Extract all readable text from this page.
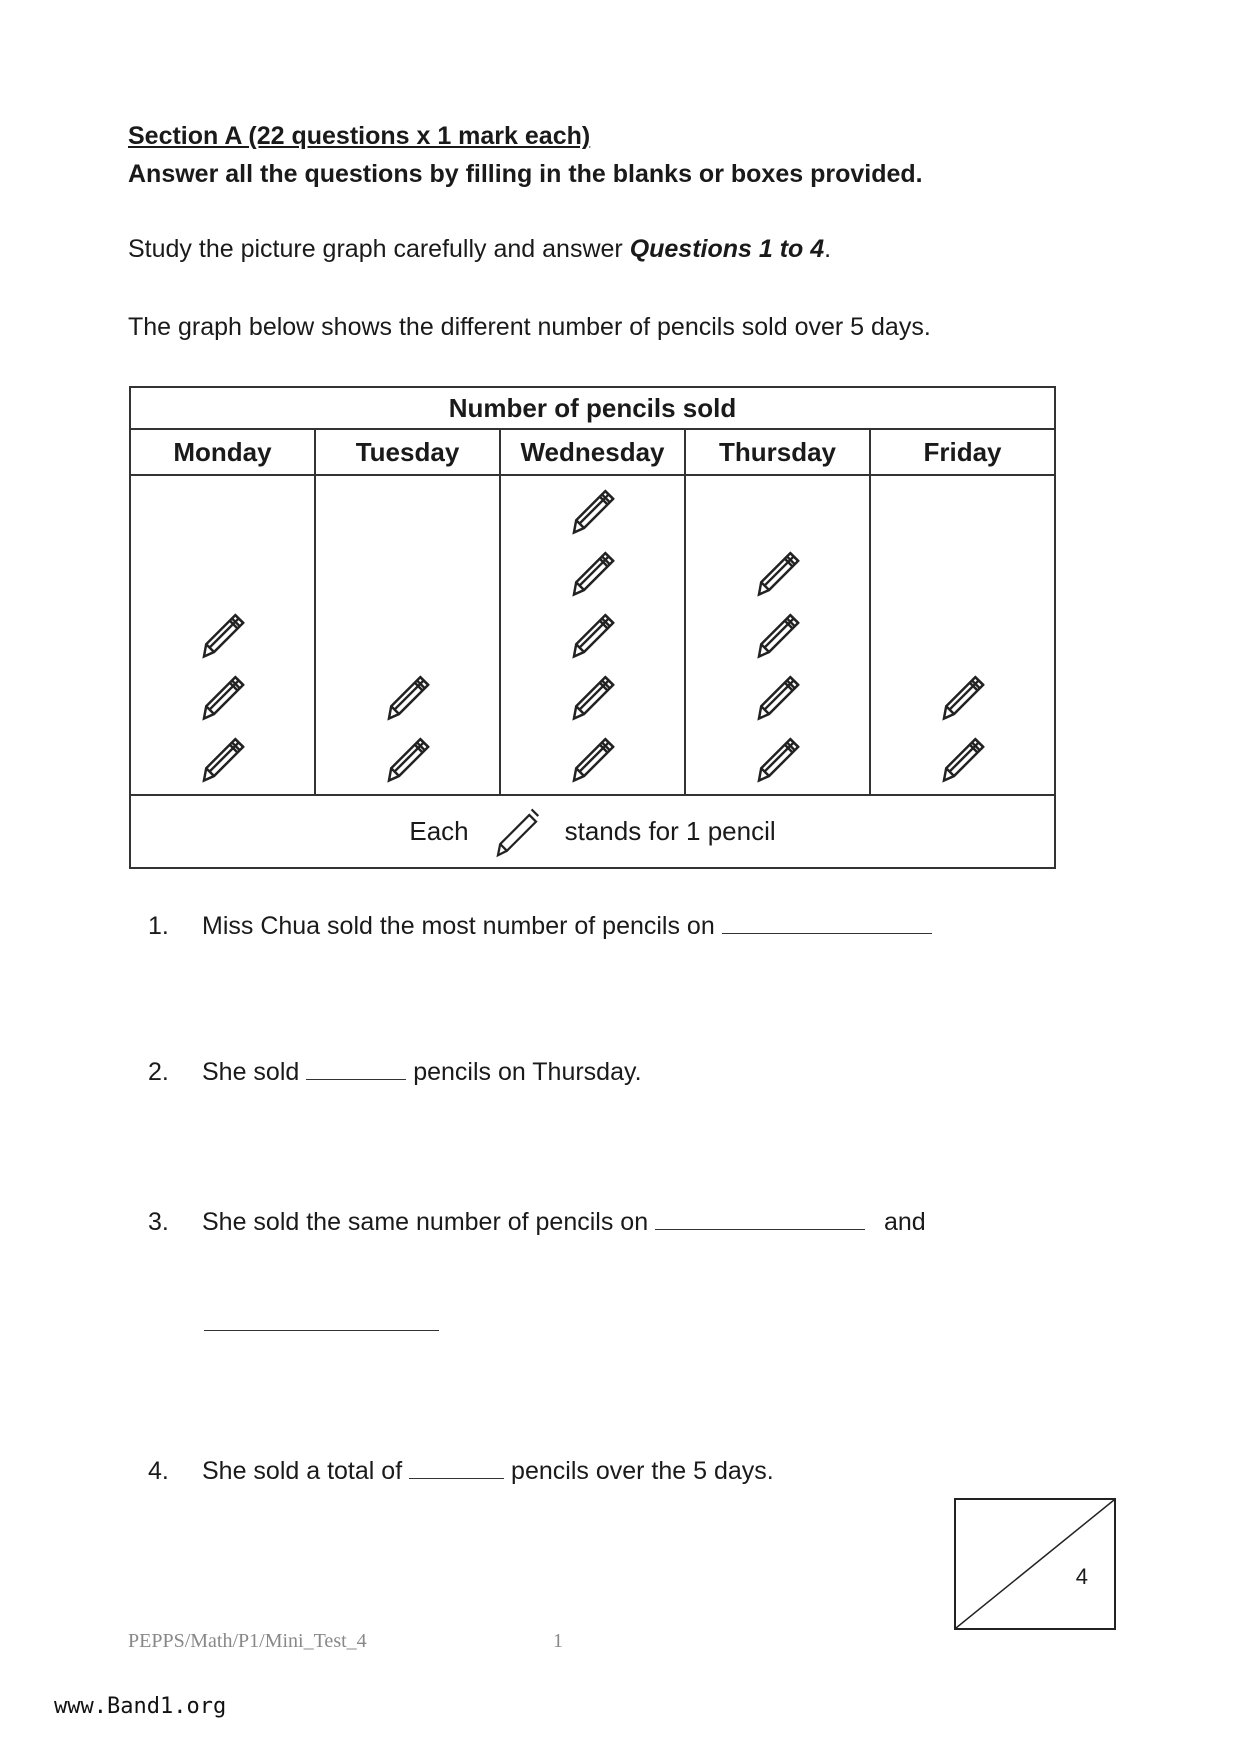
Section A (22 questions x 1 mark each)
Answer all the questions by filling in the blanks or boxes provided.
Study the picture graph carefully and answer Questions 1 to 4.
The graph below shows the different number of pencils sold over 5 days.
Number of pencils sold				
Monday	Tuesday	Wednesday	Thursday	Friday

Each stands for 1 pencil				
1. Miss Chua sold the most number of pencils on
2. She sold	pencils on Thursday.
3. She sold the same number of pencils on	and
4. She sold a total of	pencils over the 5 days.
4
PEPPS/Math/P1/Mini_Test_4	1
www.Band1.org
